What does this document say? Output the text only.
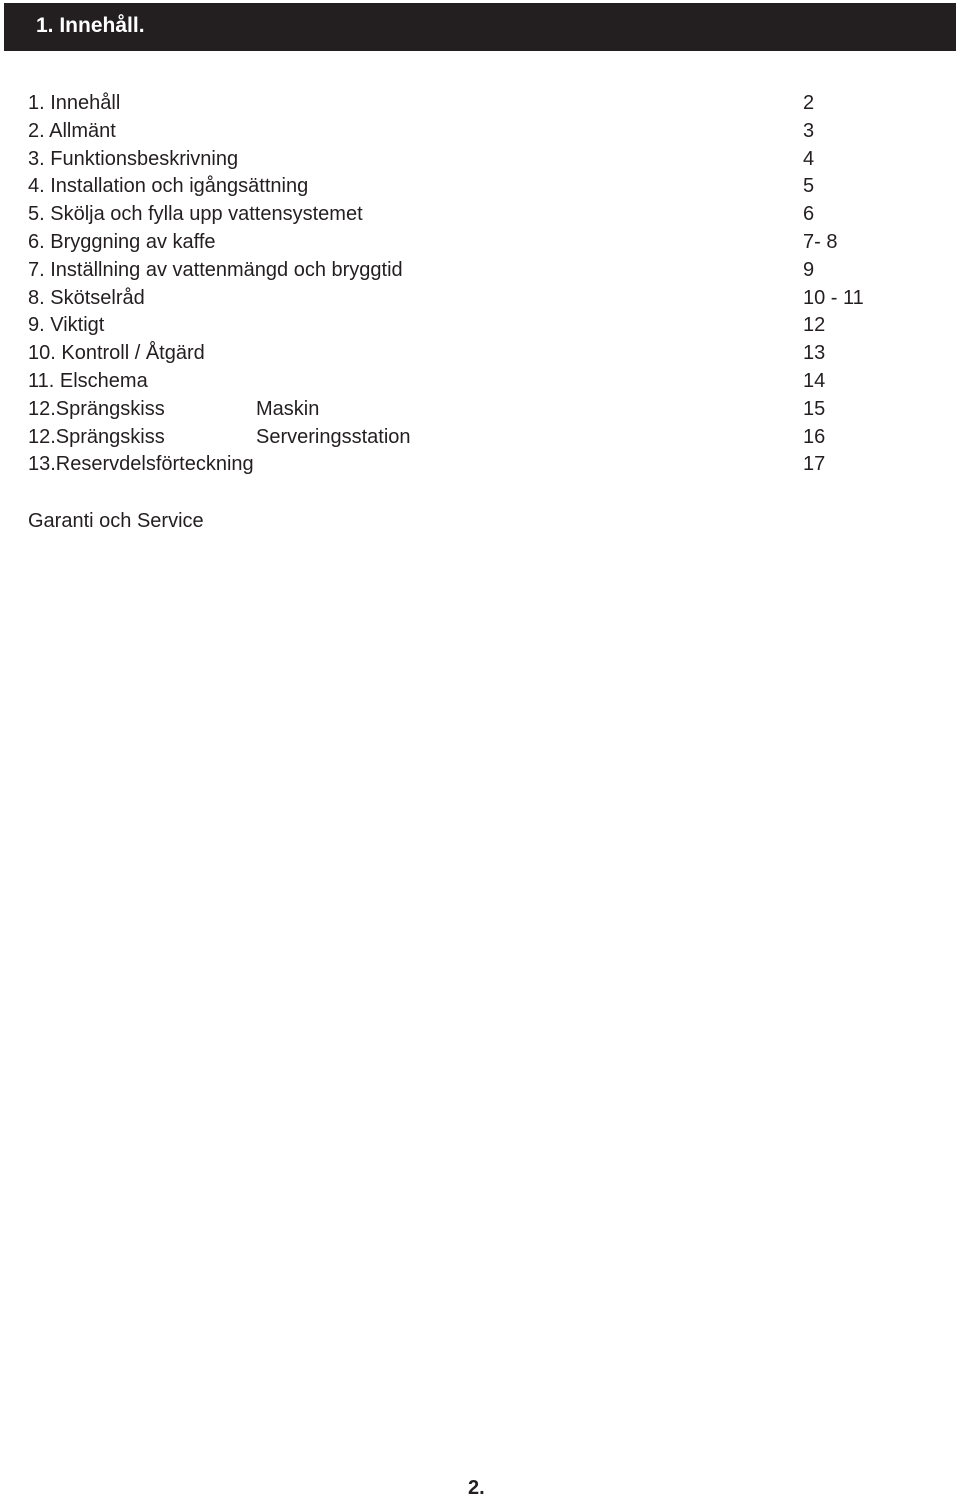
1. Innehåll.
1. Innehåll	2
2. Allmänt	3
3. Funktionsbeskrivning	4
4. Installation och igångsättning	5
5. Skölja och fylla upp vattensystemet	6
6. Bryggning av kaffe	7- 8
7. Inställning av vattenmängd och bryggtid	9
8. Skötselråd	10 - 11
9. Viktigt	12
10. Kontroll / Åtgärd	13
11. Elschema	14
12.Sprängskiss	Maskin	15
12.Sprängskiss	Serveringsstation	16
13.Reservdelsförteckning	17
Garanti och Service
2.
